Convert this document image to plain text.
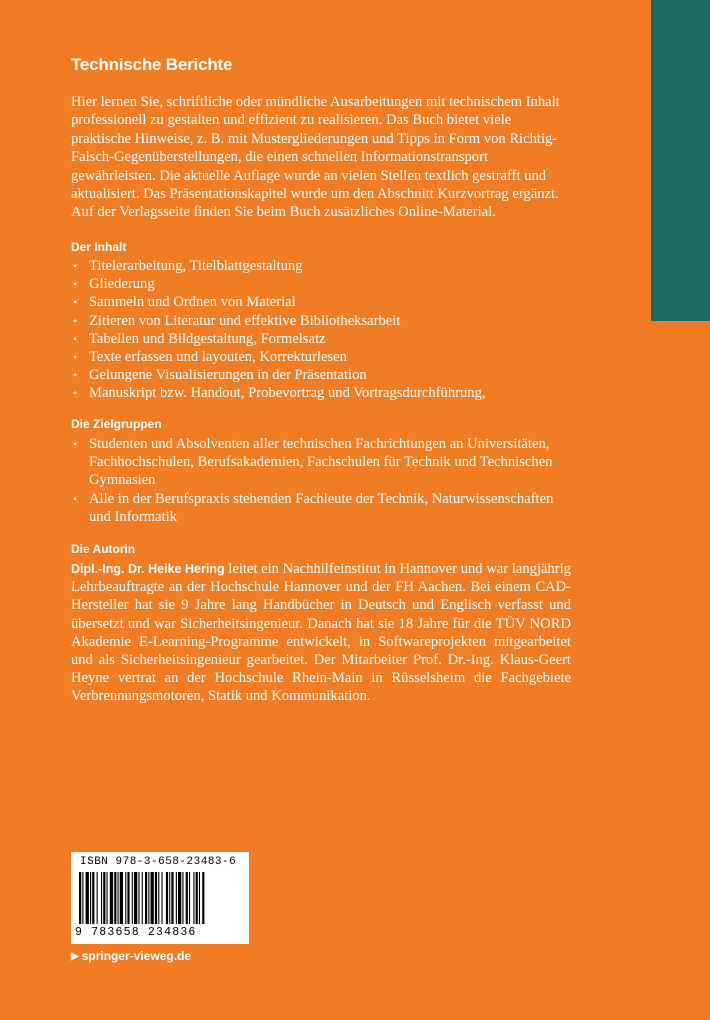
Technische Berichte

Hier lernen Sie, schriftliche oder mündliche Ausarbeitungen mit technischem Inhalt professionell zu gestalten und effizient zu realisieren. Das Buch bietet viele praktische Hinweise, z. B. mit Mustergliederungen und Tipps in Form von Richtig-Falsch-Gegenüberstellungen, die einen schnellen Informationstransport gewährleisten. Die aktuelle Auflage wurde an vielen Stellen textlich gestrafft und aktualisiert. Das Präsentationskapitel wurde um den Abschnitt Kurzvortrag ergänzt. Auf der Verlagsseite finden Sie beim Buch zusätzliches Online-Material.

Der Inhalt
• Titelerarbeitung, Titelblattgestaltung
• Gliederung
• Sammeln und Ordnen von Material
• Zitieren von Literatur und effektive Bibliotheksarbeit
• Tabellen und Bildgestaltung, Formelsatz
• Texte erfassen und layouten, Korrekturlesen
• Gelungene Visualisierungen in der Präsentation
• Manuskript bzw. Handout, Probevortrag und Vortragsdurchführung,
Die Zielgruppen
• Studenten und Absolventen aller technischen Fachrichtungen an Universitäten, Fachhochschulen, Berufsakademien, Fachschulen für Technik und Technischen Gymnasien
• Alle in der Berufspraxis stehenden Fachleute der Technik, Naturwissenschaften und Informatik
Die Autorin

Dipl.-Ing. Dr. Heike Hering leitet ein Nachhilfeinstitut in Hannover und war langjährig Lehrbeauftragte an der Hochschule Hannover und der FH Aachen. Bei einem CAD-Hersteller hat sie 9 Jahre lang Handbücher in Deutsch und Englisch verfasst und übersetzt und war Sicherheitsingenieur. Danach hat sie 18 Jahre für die TÜV NORD Akademie E-Learning-Programme entwickelt, in Softwareprojekten mitgearbeitet und als Sicherheitsingenieur gearbeitet. Der Mitarbeiter Prof. Dr.-Ing. Klaus-Geert Heyne vertrat an der Hochschule Rhein-Main in Rüsselsheim die Fachgebiete Verbrennungsmotoren, Statik und Kommunikation.

ISBN 978-3-658-23483-6
9 783658 234836
▶ springer-vieweg.de
